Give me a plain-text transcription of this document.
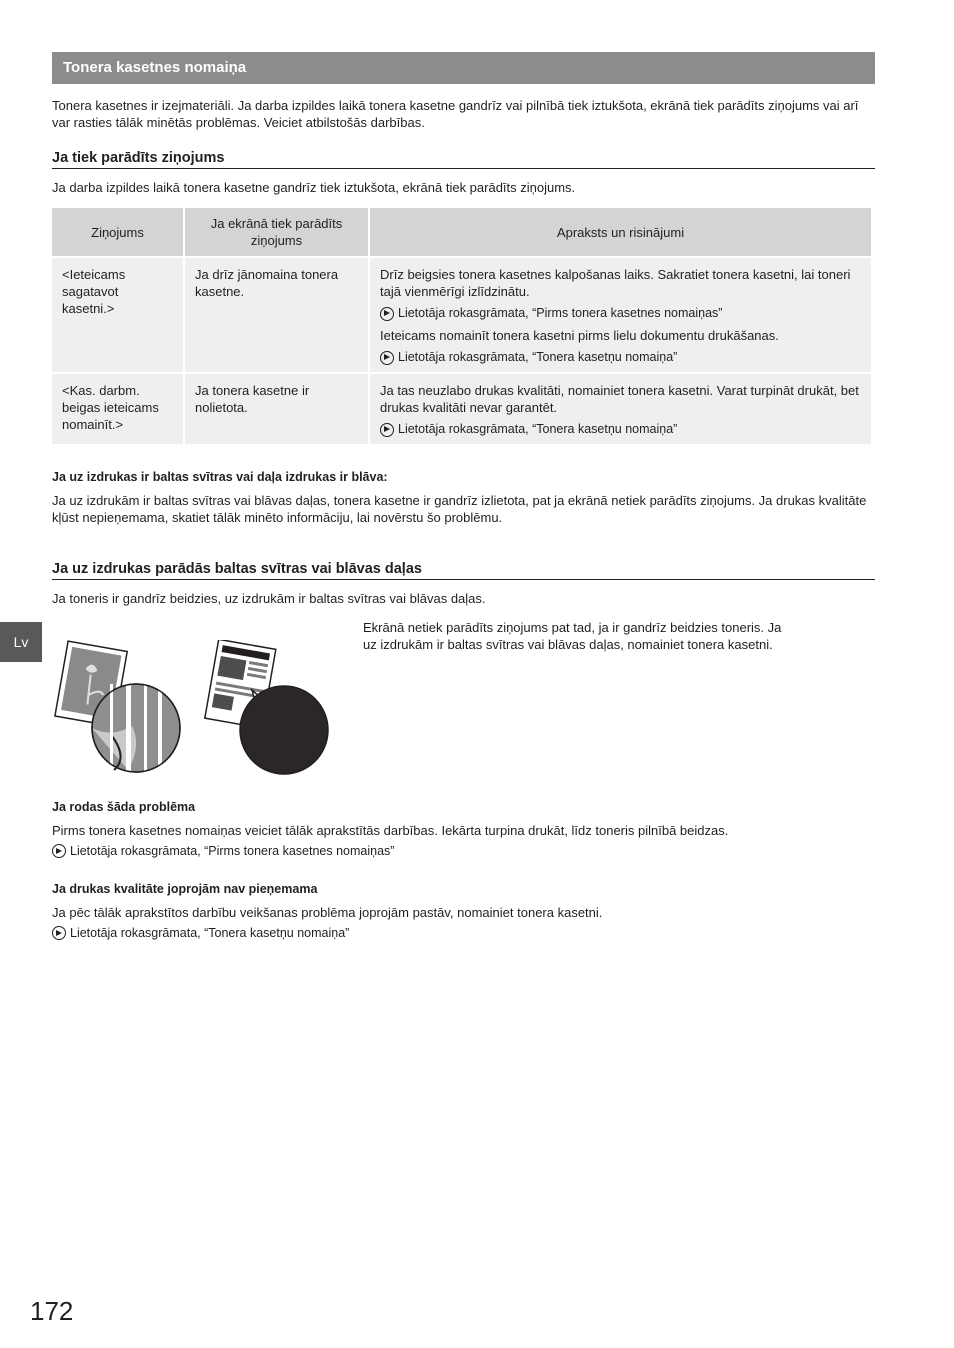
Tonera kasetnes nomaiņa
Tonera kasetnes ir izejmateriāli. Ja darba izpildes laikā tonera kasetne gandrīz vai pilnībā tiek iztukšota, ekrānā tiek parādīts ziņojums vai arī var rasties tālāk minētās problēmas. Veiciet atbilstošās darbības.
Ja tiek parādīts ziņojums
Ja darba izpildes laikā tonera kasetne gandrīz tiek iztukšota, ekrānā tiek parādīts ziņojums.
Ziņojums	Ja ekrānā tiek parādīts ziņojums	Apraksts un risinājumi
<Ieteicams sagatavot kasetni.>	Ja drīz jānomaina tonera kasetne.	Drīz beigsies tonera kasetnes kalpošanas laiks. Sakratiet tonera kasetni, lai toneri tajā vienmērīgi izlīdzinātu.
Lietotāja rokasgrāmata, “Pirms tonera kasetnes nomaiņas”
Ieteicams nomainīt tonera kasetni pirms lielu dokumentu drukāšanas.
Lietotāja rokasgrāmata, “Tonera kasetņu nomaiņa”

<Kas. darbm. beigas ieteicams nomainīt.>	Ja tonera kasetne ir nolietota.	Ja tas neuzlabo drukas kvalitāti, nomainiet tonera kasetni. Varat turpināt drukāt, bet drukas kvalitāti nevar garantēt.
Lietotāja rokasgrāmata, “Tonera kasetņu nomaiņa”
Ja uz izdrukas ir baltas svītras vai daļa izdrukas ir blāva:
Ja uz izdrukām ir baltas svītras vai blāvas daļas, tonera kasetne ir gandrīz izlietota, pat ja ekrānā netiek parādīts ziņojums. Ja drukas kvalitāte kļūst nepieņemama, skatiet tālāk minēto informāciju, lai novērstu šo problēmu.
Ja uz izdrukas parādās baltas svītras vai blāvas daļas
Ja toneris ir gandrīz beidzies, uz izdrukām ir baltas svītras vai blāvas daļas.
Lv
Ekrānā netiek parādīts ziņojums pat tad, ja ir gandrīz beidzies toneris. Ja uz izdrukām ir baltas svītras vai blāvas daļas, nomainiet tonera kasetni.
Ja rodas šāda problēma
Pirms tonera kasetnes nomaiņas veiciet tālāk aprakstītās darbības. Iekārta turpina drukāt, līdz toneris pilnībā beidzas.
Lietotāja rokasgrāmata, “Pirms tonera kasetnes nomaiņas”
Ja drukas kvalitāte joprojām nav pieņemama
Ja pēc tālāk aprakstītos darbību veikšanas problēma joprojām pastāv, nomainiet tonera kasetni.
Lietotāja rokasgrāmata, “Tonera kasetņu nomaiņa”
172
